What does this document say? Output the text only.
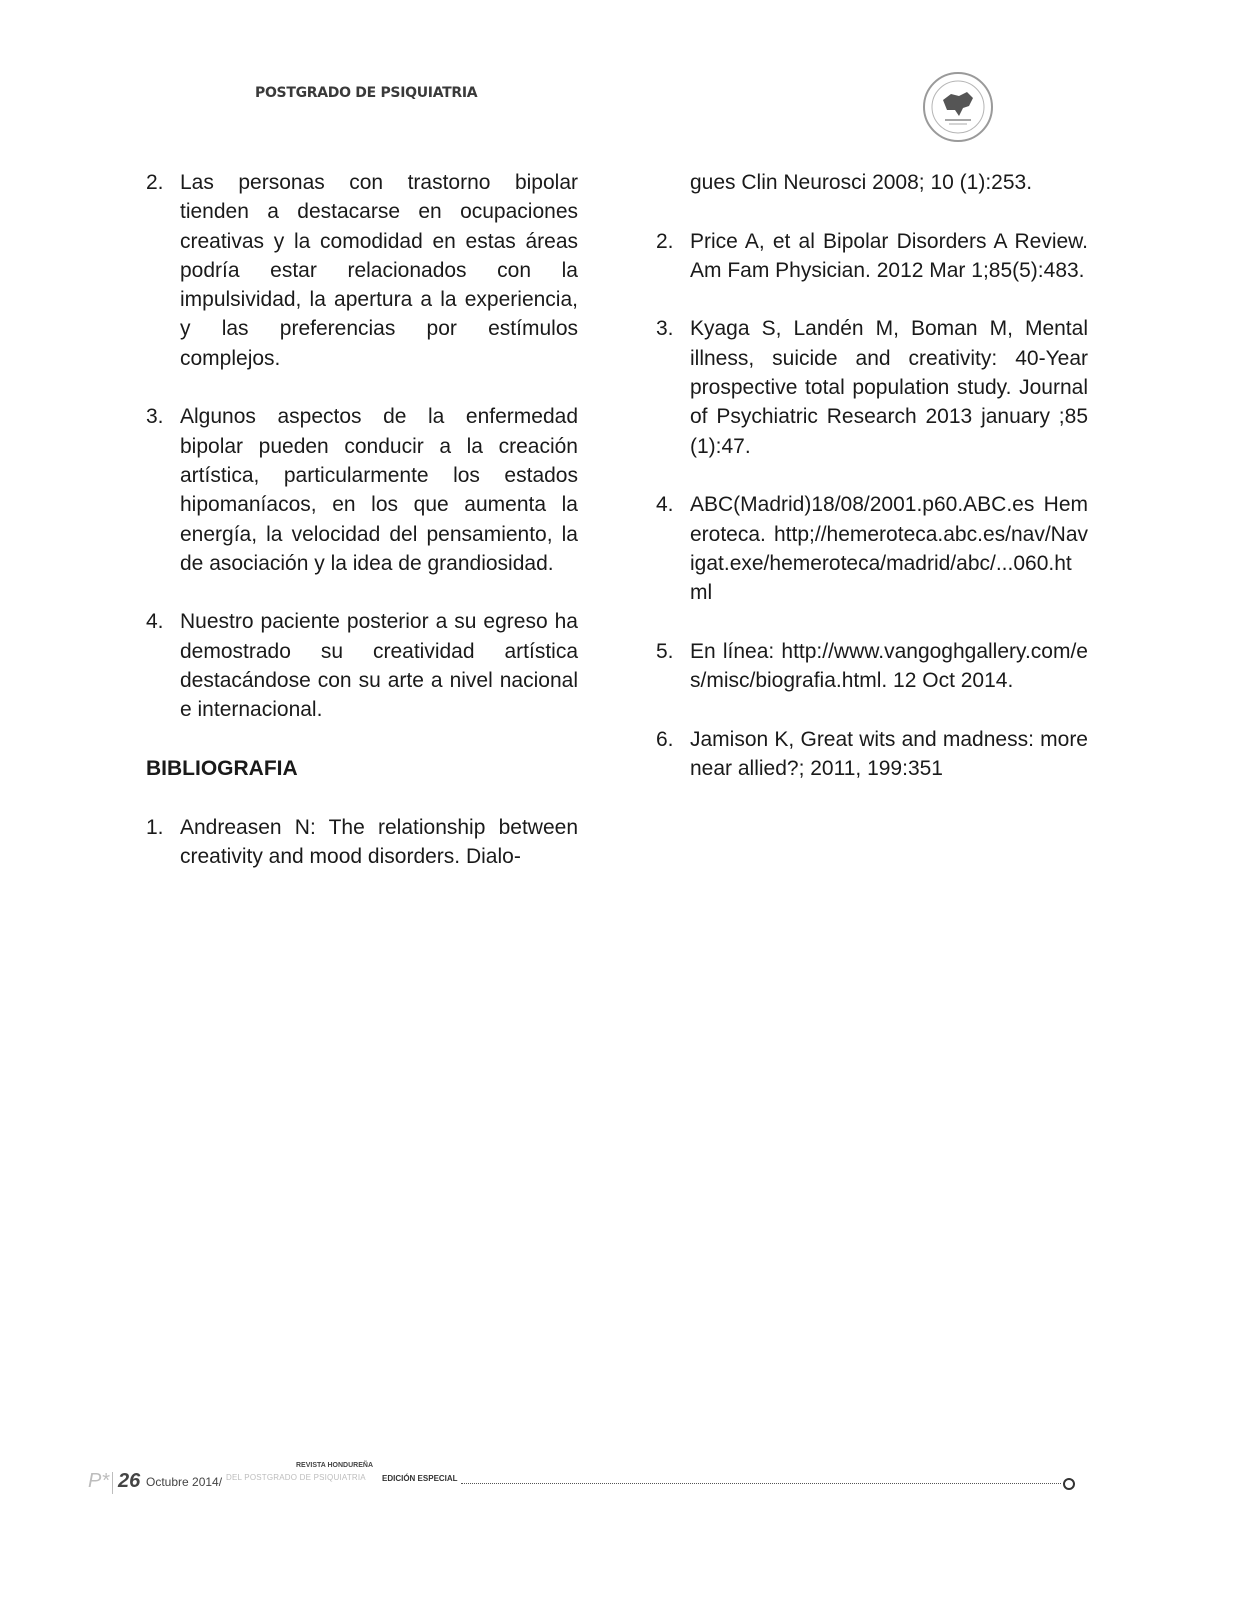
POSTGRADO DE PSIQUIATRIA
2. Las personas con trastorno bipolar tienden a destacarse en ocupaciones creativas y la comodidad en estas áreas podría estar relacionados con la impulsividad, la apertura a la experiencia, y las preferencias por estímulos complejos.
3. Algunos aspectos de la enfermedad bipolar pueden conducir a la creación artística, particularmente los estados hipomaníacos, en los que aumenta la energía, la velocidad del pensamiento, la de asociación y la idea de grandiosidad.
4. Nuestro paciente posterior a su egreso ha demostrado su creatividad artística destacándose con su arte a nivel nacional e internacional.
BIBLIOGRAFIA
1. Andreasen N: The relationship between creativity and mood disorders. Dialo-
gues Clin Neurosci 2008; 10 (1):253.
2. Price A, et al Bipolar Disorders A Review. Am Fam Physician. 2012 Mar 1;85(5):483.
3. Kyaga S, Landén M, Boman M, Mental illness, suicide and creativity: 40-Year prospective total population study. Journal of Psychiatric Research 2013 january ;85 (1):47.
4. ABC(Madrid)18/08/2001.p60.ABC.es Hemeroteca. http;//hemeroteca.abc.es/nav/Navigat.exe/hemeroteca/madrid/abc/...060.html
5. En línea: http://www.vangoghgallery.com/es/misc/biografia.html. 12 Oct 2014.
6. Jamison K, Great wits and madness: more near allied?; 2011, 199:351
P* 26 Octubre 2014/
REVISTA HONDUREÑA
DEL POSTGRADO DE PSIQUIATRIA EDICIÓN ESPECIAL
